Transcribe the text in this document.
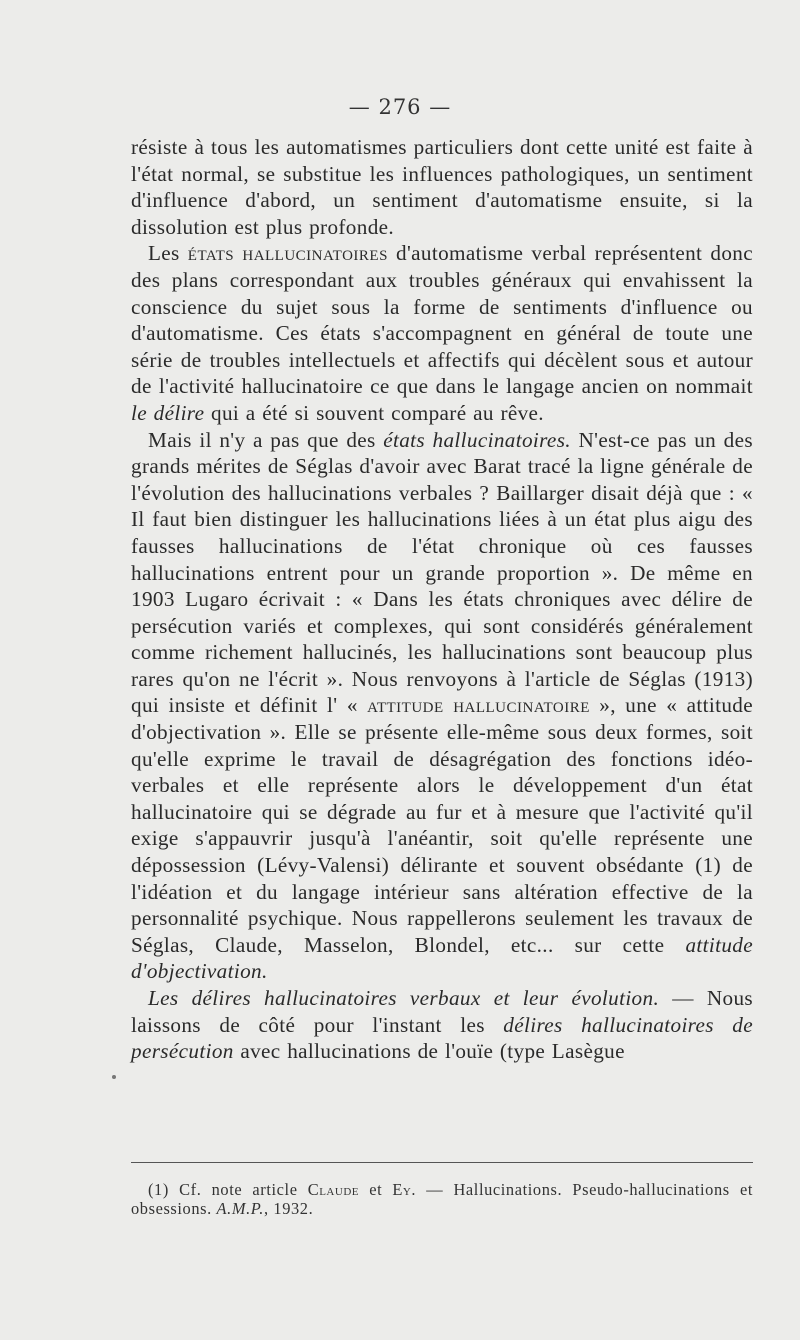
— 276 —

résiste à tous les automatismes particuliers dont cette unité est faite à l'état normal, se substitue les influences pathologiques, un sentiment d'influence d'abord, un sentiment d'automatisme ensuite, si la dissolution est plus profonde.

Les états hallucinatoires d'automatisme verbal représentent donc des plans correspondant aux troubles généraux qui envahissent la conscience du sujet sous la forme de sentiments d'influence ou d'automatisme. Ces états s'accompagnent en général de toute une série de troubles intellectuels et affectifs qui décèlent sous et autour de l'activité hallucinatoire ce que dans le langage ancien on nommait le délire qui a été si souvent comparé au rêve.

Mais il n'y a pas que des états hallucinatoires. N'est-ce pas un des grands mérites de Séglas d'avoir avec Barat tracé la ligne générale de l'évolution des hallucinations verbales ? Baillarger disait déjà que : « Il faut bien distinguer les hallucinations liées à un état plus aigu des fausses hallucinations de l'état chronique où ces fausses hallucinations entrent pour un grande proportion ». De même en 1903 Lugaro écrivait : « Dans les états chroniques avec délire de persécution variés et complexes, qui sont considérés généralement comme richement hallucinés, les hallucinations sont beaucoup plus rares qu'on ne l'écrit ». Nous renvoyons à l'article de Séglas (1913) qui insiste et définit l' « attitude hallucinatoire », une « attitude d'objectivation ». Elle se présente elle-même sous deux formes, soit qu'elle exprime le travail de désagrégation des fonctions idéo-verbales et elle représente alors le développement d'un état hallucinatoire qui se dégrade au fur et à mesure que l'activité qu'il exige s'appauvrir jusqu'à l'anéantir, soit qu'elle représente une dépossession (Lévy-Valensi) délirante et souvent obsédante (1) de l'idéation et du langage intérieur sans altération effective de la personnalité psychique. Nous rappellerons seulement les travaux de Séglas, Claude, Masselon, Blondel, etc... sur cette attitude d'objectivation.

Les délires hallucinatoires verbaux et leur évolution. — Nous laissons de côté pour l'instant les délires hallucinatoires de persécution avec hallucinations de l'ouïe (type Lasègue

(1) Cf. note article Claude et Ey. — Hallucinations. Pseudo-hallucinations et obsessions. A.M.P., 1932.
